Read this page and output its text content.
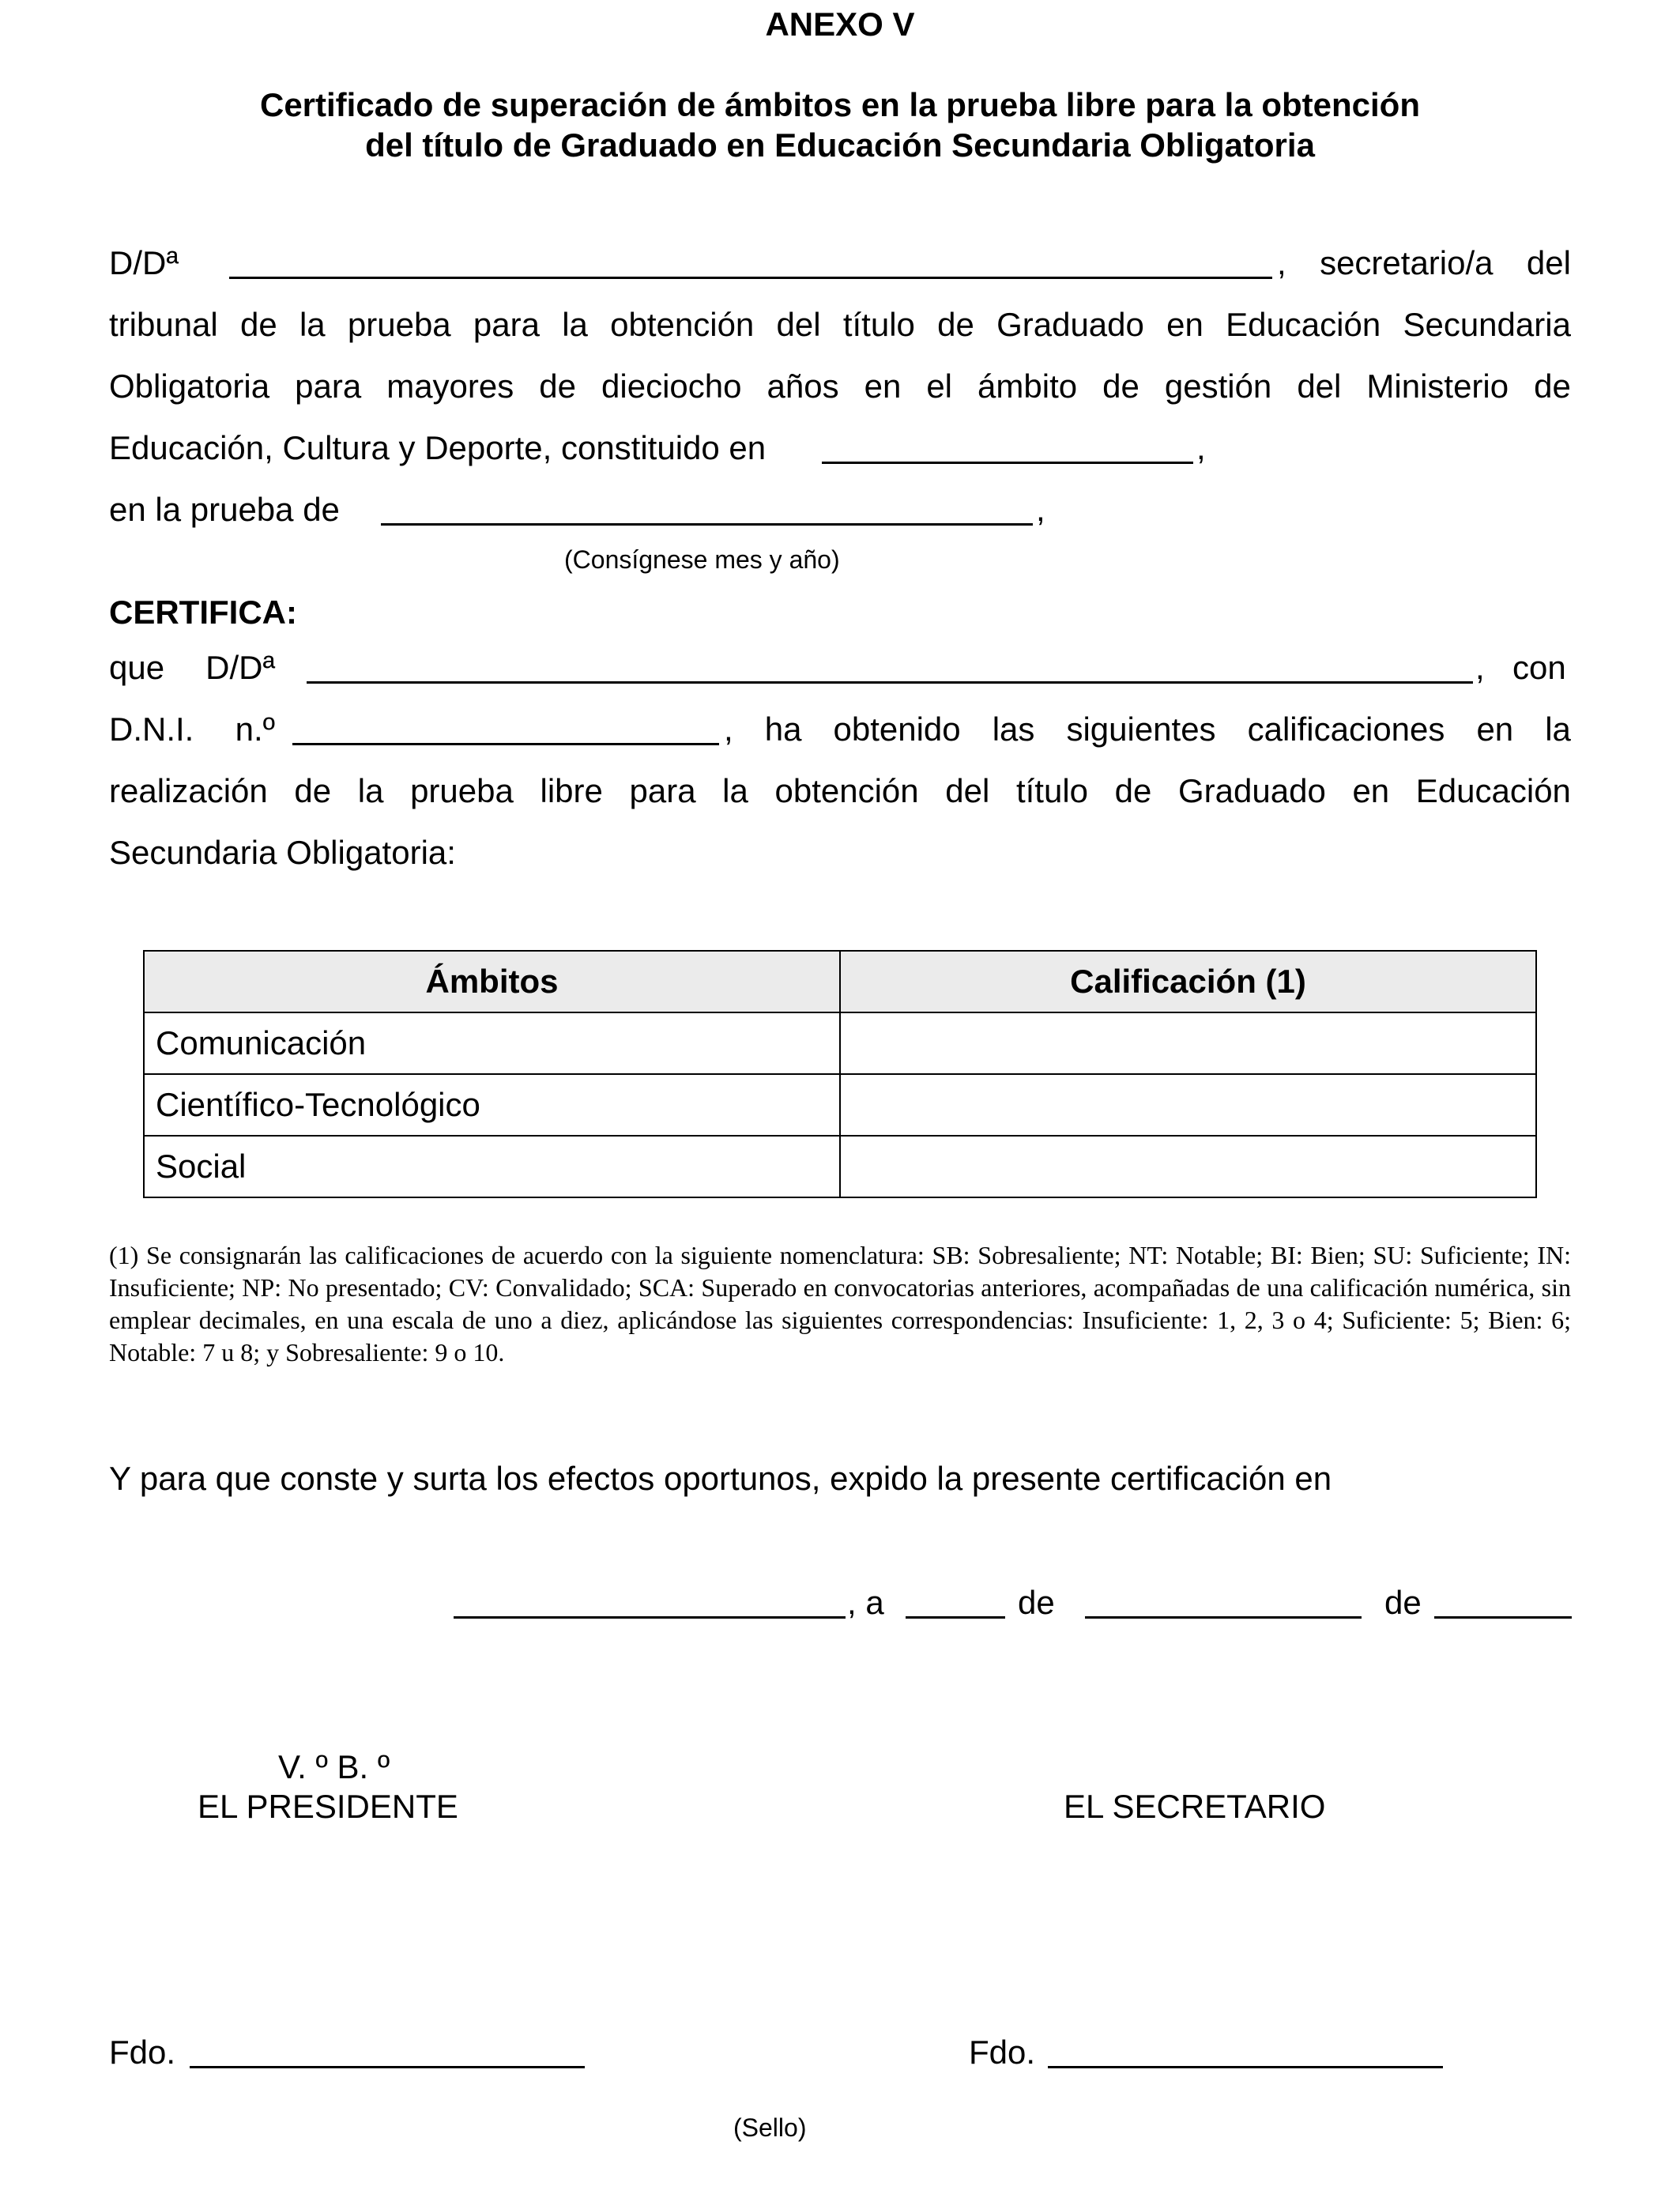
ANEXO V
Certificado de superación de ámbitos en la prueba libre para la obtención
del título de Graduado en Educación Secundaria Obligatoria
D/Dª	, secretario/a del
tribunal de la prueba para la obtención del título de Graduado en Educación Secundaria
Obligatoria para mayores de dieciocho años en el ámbito de gestión del Ministerio de
Educación, Cultura y Deporte, constituido en	,
en la prueba de	,
(Consígnese mes y año)
CERTIFICA:
que D/Dª	, con
D.N.I. n.º	, ha obtenido las siguientes calificaciones en la
realización de la prueba libre para la obtención del título de Graduado en Educación
Secundaria Obligatoria:
Ámbitos	Calificación (1)
Comunicación	
Científico-Tecnológico	
Social	
(1) Se consignarán las calificaciones de acuerdo con la siguiente nomenclatura: SB: Sobresaliente; NT: Notable; BI: Bien; SU: Suficiente; IN: Insuficiente; NP: No presentado; CV: Convalidado; SCA: Superado en convocatorias anteriores, acompañadas de una calificación numérica, sin emplear decimales, en una escala de uno a diez, aplicándose las siguientes correspondencias: Insuficiente: 1, 2, 3 o 4; Suficiente: 5; Bien: 6; Notable: 7 u 8; y Sobresaliente: 9 o 10.
Y para que conste y surta los efectos oportunos, expido la presente certificación en
, a	de	de
V. º B. º
EL PRESIDENTE	EL SECRETARIO
Fdo.	Fdo.
(Sello)
